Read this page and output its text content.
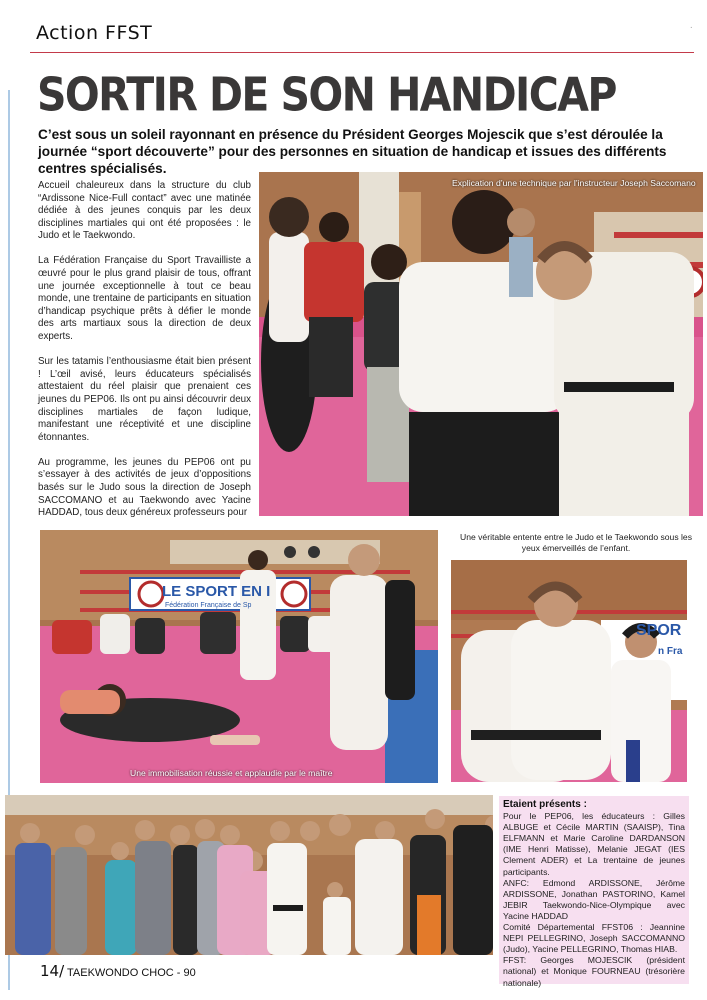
Action FFST	·
SORTIR DE SON HANDICAP

C’est sous un soleil rayonnant en présence du Président Georges Mojescik que s’est déroulée la journée “sport découverte” pour des personnes en situation de handicap et issues des différents centres spécialisés.

Accueil chaleureux dans la structure du club “Ardissone Nice-Full contact” avec une matinée dédiée à des jeunes conquis par les deux disciplines martiales qui ont été proposées : le Judo et le Taekwondo.

La Fédération Française du Sport Travailliste a œuvré pour le plus grand plaisir de tous, offrant une journée exceptionnelle à tout ce beau monde, une trentaine de participants en situation d’handicap psychique prêts à défier le monde des arts martiaux sous la direction de deux experts.

Sur les tatamis l’enthousiasme était bien présent ! L’œil avisé, leurs éducateurs spécialisés attestaient du réel plaisir que prenaient ces jeunes du PEP06. Ils ont pu ainsi découvrir deux disciplines martiales de façon ludique, manifestant une réceptivité et une discipline étonnantes.

Au programme, les jeunes du PEP06 ont pu s’essayer à des activités de jeux d’oppositions basés sur le Judo sous la direction de Joseph SACCOMANO et au Taekwondo avec Yacine HADDAD, tous deux généreux professeurs pour

Explication d’une technique par l’instructeur Joseph Saccomano
LE SPORT EN I
Fédération Française de Sp
Une immobilisation réussie et applaudie par le maître
Une véritable entente entre le Judo et le Taekwondo sous les yeux émerveillés de l’enfant.
SPOR
n Fra
Etaient présents :

Pour le PEP06, les éducateurs : Gilles ALBUGE et Cécile MARTIN (SAAISP), Tina ELFMANN et Marie Caroline DARDANSON (IME Henri Matisse), Melanie JEGAT (IES Clement ADER) et La trentaine de jeunes participants.

ANFC: Edmond ARDISSONE, Jérôme ARDISSONE, Jonathan PASTORINO, Kamel JEBIR Taekwondo-Nice-Olympique avec Yacine HADDAD

Comité Départemental FFST06 : Jeannine NEPI PELLEGRINO, Joseph SACCOMANNO (Judo), Yacine PELLEGRINO, Thomas HIAB.

FFST: Georges MOJESCIK (président national) et Monique FOURNEAU (trésorière nationale)

14/ TAEKWONDO CHOC - 90
